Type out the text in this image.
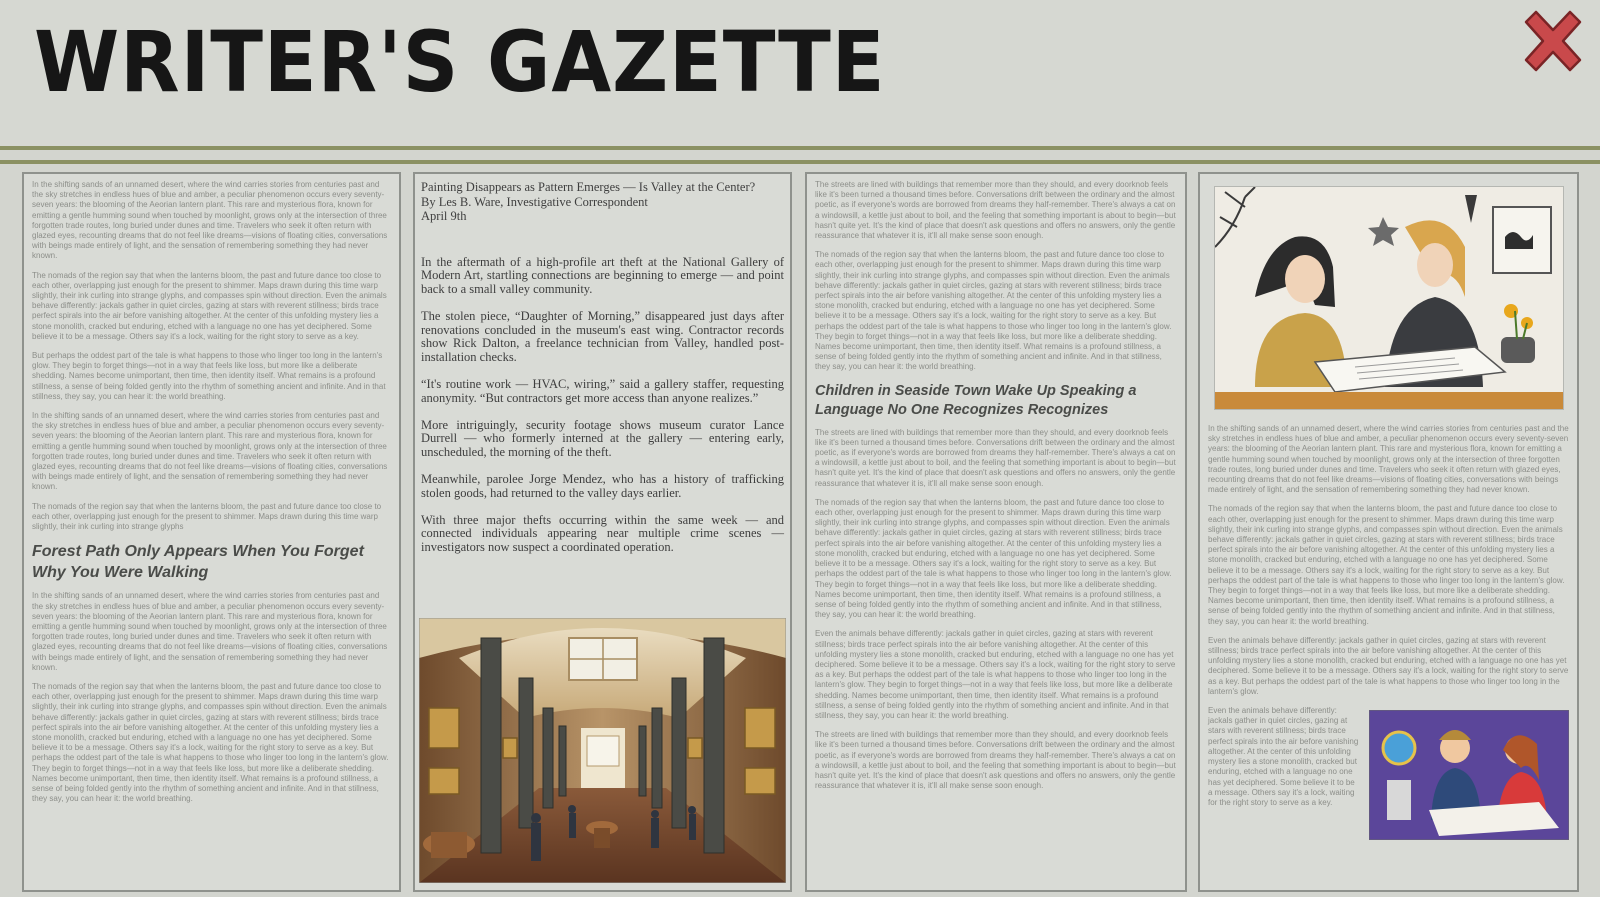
WRITER'S GAZETTE

In the shifting sands of an unnamed desert, where the wind carries stories from centuries past and the sky stretches in endless hues of blue and amber, a peculiar phenomenon occurs every seventy-seven years: the blooming of the Aeorian lantern plant. This rare and mysterious flora, known for emitting a gentle humming sound when touched by moonlight, grows only at the intersection of three forgotten trade routes, long buried under dunes and time. Travelers who seek it often return with glazed eyes, recounting dreams that do not feel like dreams—visions of floating cities, conversations with beings made entirely of light, and the sensation of remembering something they had never known.

The nomads of the region say that when the lanterns bloom, the past and future dance too close to each other, overlapping just enough for the present to shimmer. Maps drawn during this time warp slightly, their ink curling into strange glyphs, and compasses spin without direction. Even the animals behave differently: jackals gather in quiet circles, gazing at stars with reverent stillness; birds trace perfect spirals into the air before vanishing altogether. At the center of this unfolding mystery lies a stone monolith, cracked but enduring, etched with a language no one has yet deciphered. Some believe it to be a message. Others say it's a lock, waiting for the right story to serve as a key.

But perhaps the oddest part of the tale is what happens to those who linger too long in the lantern's glow. They begin to forget things—not in a way that feels like loss, but more like a deliberate shedding. Names become unimportant, then time, then identity itself. What remains is a profound stillness, a sense of being folded gently into the rhythm of something ancient and infinite. And in that stillness, they say, you can hear it: the world breathing.

In the shifting sands of an unnamed desert, where the wind carries stories from centuries past and the sky stretches in endless hues of blue and amber, a peculiar phenomenon occurs every seventy-seven years: the blooming of the Aeorian lantern plant. This rare and mysterious flora, known for emitting a gentle humming sound when touched by moonlight, grows only at the intersection of three forgotten trade routes, long buried under dunes and time. Travelers who seek it often return with glazed eyes, recounting dreams that do not feel like dreams—visions of floating cities, conversations with beings made entirely of light, and the sensation of remembering something they had never known.

The nomads of the region say that when the lanterns bloom, the past and future dance too close to each other, overlapping just enough for the present to shimmer. Maps drawn during this time warp slightly, their ink curling into strange glyphs

Forest Path Only Appears When You Forget Why You Were Walking

In the shifting sands of an unnamed desert, where the wind carries stories from centuries past and the sky stretches in endless hues of blue and amber, a peculiar phenomenon occurs every seventy-seven years: the blooming of the Aeorian lantern plant. This rare and mysterious flora, known for emitting a gentle humming sound when touched by moonlight, grows only at the intersection of three forgotten trade routes, long buried under dunes and time. Travelers who seek it often return with glazed eyes, recounting dreams that do not feel like dreams—visions of floating cities, conversations with beings made entirely of light, and the sensation of remembering something they had never known.

The nomads of the region say that when the lanterns bloom, the past and future dance too close to each other, overlapping just enough for the present to shimmer. Maps drawn during this time warp slightly, their ink curling into strange glyphs, and compasses spin without direction. Even the animals behave differently: jackals gather in quiet circles, gazing at stars with reverent stillness; birds trace perfect spirals into the air before vanishing altogether. At the center of this unfolding mystery lies a stone monolith, cracked but enduring, etched with a language no one has yet deciphered. Some believe it to be a message. Others say it's a lock, waiting for the right story to serve as a key. But perhaps the oddest part of the tale is what happens to those who linger too long in the lantern's glow. They begin to forget things—not in a way that feels like loss, but more like a deliberate shedding. Names become unimportant, then time, then identity itself. What remains is a profound stillness, a sense of being folded gently into the rhythm of something ancient and infinite. And in that stillness, they say, you can hear it: the world breathing.

Painting Disappears as Pattern Emerges — Is Valley at the Center?
By Les B. Ware, Investigative Correspondent
April 9th

In the aftermath of a high-profile art theft at the National Gallery of Modern Art, startling connections are beginning to emerge — and point back to a small valley community.

The stolen piece, “Daughter of Morning,” disappeared just days after renovations concluded in the museum's east wing. Contractor records show Rick Dalton, a freelance technician from Valley, handled post-installation checks.

“It's routine work — HVAC, wiring,” said a gallery staffer, requesting anonymity. “But contractors get more access than anyone realizes.”

More intriguingly, security footage shows museum curator Lance Durrell — who formerly interned at the gallery — entering early, unscheduled, the morning of the theft.

Meanwhile, parolee Jorge Mendez, who has a history of trafficking stolen goods, had returned to the valley days earlier.

With three major thefts occurring within the same week — and connected individuals appearing near multiple crime scenes — investigators now suspect a coordinated operation.

The streets are lined with buildings that remember more than they should, and every doorknob feels like it's been turned a thousand times before. Conversations drift between the ordinary and the almost poetic, as if everyone's words are borrowed from dreams they half-remember. There's always a cat on a windowsill, a kettle just about to boil, and the feeling that something important is about to begin—but hasn't quite yet. It's the kind of place that doesn't ask questions and offers no answers, only the gentle reassurance that whatever it is, it'll all make sense soon enough.

The nomads of the region say that when the lanterns bloom, the past and future dance too close to each other, overlapping just enough for the present to shimmer. Maps drawn during this time warp slightly, their ink curling into strange glyphs, and compasses spin without direction. Even the animals behave differently: jackals gather in quiet circles, gazing at stars with reverent stillness; birds trace perfect spirals into the air before vanishing altogether. At the center of this unfolding mystery lies a stone monolith, cracked but enduring, etched with a language no one has yet deciphered. Some believe it to be a message. Others say it's a lock, waiting for the right story to serve as a key. But perhaps the oddest part of the tale is what happens to those who linger too long in the lantern's glow. They begin to forget things—not in a way that feels like loss, but more like a deliberate shedding. Names become unimportant, then time, then identity itself. What remains is a profound stillness, a sense of being folded gently into the rhythm of something ancient and infinite. And in that stillness, they say, you can hear it: the world breathing.

Children in Seaside Town Wake Up Speaking a Language No One Recognizes Recognizes

The streets are lined with buildings that remember more than they should, and every doorknob feels like it's been turned a thousand times before. Conversations drift between the ordinary and the almost poetic, as if everyone's words are borrowed from dreams they half-remember. There's always a cat on a windowsill, a kettle just about to boil, and the feeling that something important is about to begin—but hasn't quite yet. It's the kind of place that doesn't ask questions and offers no answers, only the gentle reassurance that whatever it is, it'll all make sense soon enough.

The nomads of the region say that when the lanterns bloom, the past and future dance too close to each other, overlapping just enough for the present to shimmer. Maps drawn during this time warp slightly, their ink curling into strange glyphs, and compasses spin without direction. Even the animals behave differently: jackals gather in quiet circles, gazing at stars with reverent stillness; birds trace perfect spirals into the air before vanishing altogether. At the center of this unfolding mystery lies a stone monolith, cracked but enduring, etched with a language no one has yet deciphered. Some believe it to be a message. Others say it's a lock, waiting for the right story to serve as a key. But perhaps the oddest part of the tale is what happens to those who linger too long in the lantern's glow. They begin to forget things—not in a way that feels like loss, but more like a deliberate shedding. Names become unimportant, then time, then identity itself. What remains is a profound stillness, a sense of being folded gently into the rhythm of something ancient and infinite. And in that stillness, they say, you can hear it: the world breathing.

Even the animals behave differently: jackals gather in quiet circles, gazing at stars with reverent stillness; birds trace perfect spirals into the air before vanishing altogether. At the center of this unfolding mystery lies a stone monolith, cracked but enduring, etched with a language no one has yet deciphered. Some believe it to be a message. Others say it's a lock, waiting for the right story to serve as a key. But perhaps the oddest part of the tale is what happens to those who linger too long in the lantern's glow. They begin to forget things—not in a way that feels like loss, but more like a deliberate shedding. Names become unimportant, then time, then identity itself. What remains is a profound stillness, a sense of being folded gently into the rhythm of something ancient and infinite. And in that stillness, they say, you can hear it: the world breathing.

The streets are lined with buildings that remember more than they should, and every doorknob feels like it's been turned a thousand times before. Conversations drift between the ordinary and the almost poetic, as if everyone's words are borrowed from dreams they half-remember. There's always a cat on a windowsill, a kettle just about to boil, and the feeling that something important is about to begin—but hasn't quite yet. It's the kind of place that doesn't ask questions and offers no answers, only the gentle reassurance that whatever it is, it'll all make sense soon enough.

In the shifting sands of an unnamed desert, where the wind carries stories from centuries past and the sky stretches in endless hues of blue and amber, a peculiar phenomenon occurs every seventy-seven years: the blooming of the Aeorian lantern plant. This rare and mysterious flora, known for emitting a gentle humming sound when touched by moonlight, grows only at the intersection of three forgotten trade routes, long buried under dunes and time. Travelers who seek it often return with glazed eyes, recounting dreams that do not feel like dreams—visions of floating cities, conversations with beings made entirely of light, and the sensation of remembering something they had never known.

The nomads of the region say that when the lanterns bloom, the past and future dance too close to each other, overlapping just enough for the present to shimmer. Maps drawn during this time warp slightly, their ink curling into strange glyphs, and compasses spin without direction. Even the animals behave differently: jackals gather in quiet circles, gazing at stars with reverent stillness; birds trace perfect spirals into the air before vanishing altogether. At the center of this unfolding mystery lies a stone monolith, cracked but enduring, etched with a language no one has yet deciphered. Some believe it to be a message. Others say it's a lock, waiting for the right story to serve as a key. But perhaps the oddest part of the tale is what happens to those who linger too long in the lantern's glow. They begin to forget things—not in a way that feels like loss, but more like a deliberate shedding. Names become unimportant, then time, then identity itself. What remains is a profound stillness, a sense of being folded gently into the rhythm of something ancient and infinite. And in that stillness, they say, you can hear it: the world breathing.

Even the animals behave differently: jackals gather in quiet circles, gazing at stars with reverent stillness; birds trace perfect spirals into the air before vanishing altogether. At the center of this unfolding mystery lies a stone monolith, cracked but enduring, etched with a language no one has yet deciphered. Some believe it to be a message. Others say it's a lock, waiting for the right story to serve as a key. But perhaps the oddest part of the tale is what happens to those who linger too long in the lantern's glow.

Even the animals behave differently: jackals gather in quiet circles, gazing at stars with reverent stillness; birds trace perfect spirals into the air before vanishing altogether. At the center of this unfolding mystery lies a stone monolith, cracked but enduring, etched with a language no one has yet deciphered. Some believe it to be a message. Others say it's a lock, waiting for the right story to serve as a key.
